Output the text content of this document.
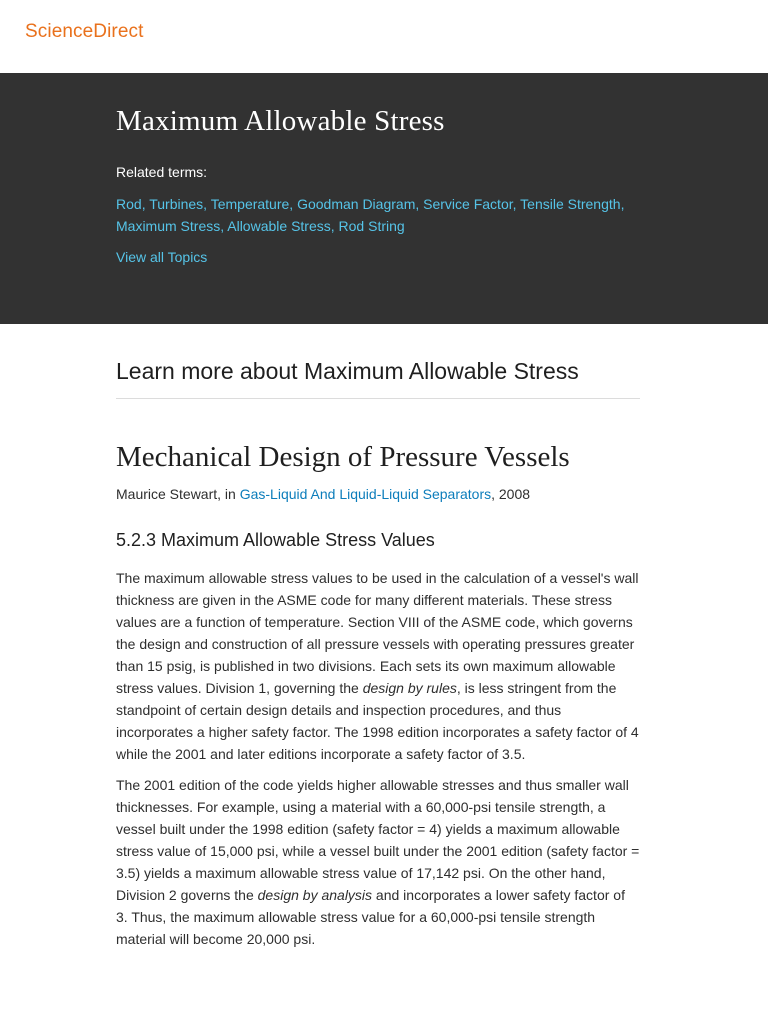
ScienceDirect
Maximum Allowable Stress
Related terms:
Rod, Turbines, Temperature, Goodman Diagram, Service Factor, Tensile Strength, Maximum Stress, Allowable Stress, Rod String
View all Topics
Learn more about Maximum Allowable Stress
Mechanical Design of Pressure Vessels
Maurice Stewart, in Gas-Liquid And Liquid-Liquid Separators, 2008
5.2.3 Maximum Allowable Stress Values

The maximum allowable stress values to be used in the calculation of a vessel's wall thickness are given in the ASME code for many different materials. These stress values are a function of temperature. Section VIII of the ASME code, which governs the design and construction of all pressure vessels with operating pressures greater than 15 psig, is published in two divisions. Each sets its own maximum allowable stress values. Division 1, governing the design by rules, is less stringent from the standpoint of certain design details and inspection procedures, and thus incorporates a higher safety factor. The 1998 edition incorporates a safety factor of 4 while the 2001 and later editions incorporate a safety factor of 3.5.

The 2001 edition of the code yields higher allowable stresses and thus smaller wall thicknesses. For example, using a material with a 60,000-psi tensile strength, a vessel built under the 1998 edition (safety factor = 4) yields a maximum allowable stress value of 15,000 psi, while a vessel built under the 2001 edition (safety factor = 3.5) yields a maximum allowable stress value of 17,142 psi. On the other hand, Division 2 governs the design by analysis and incorporates a lower safety factor of 3. Thus, the maximum allowable stress value for a 60,000-psi tensile strength material will become 20,000 psi.
